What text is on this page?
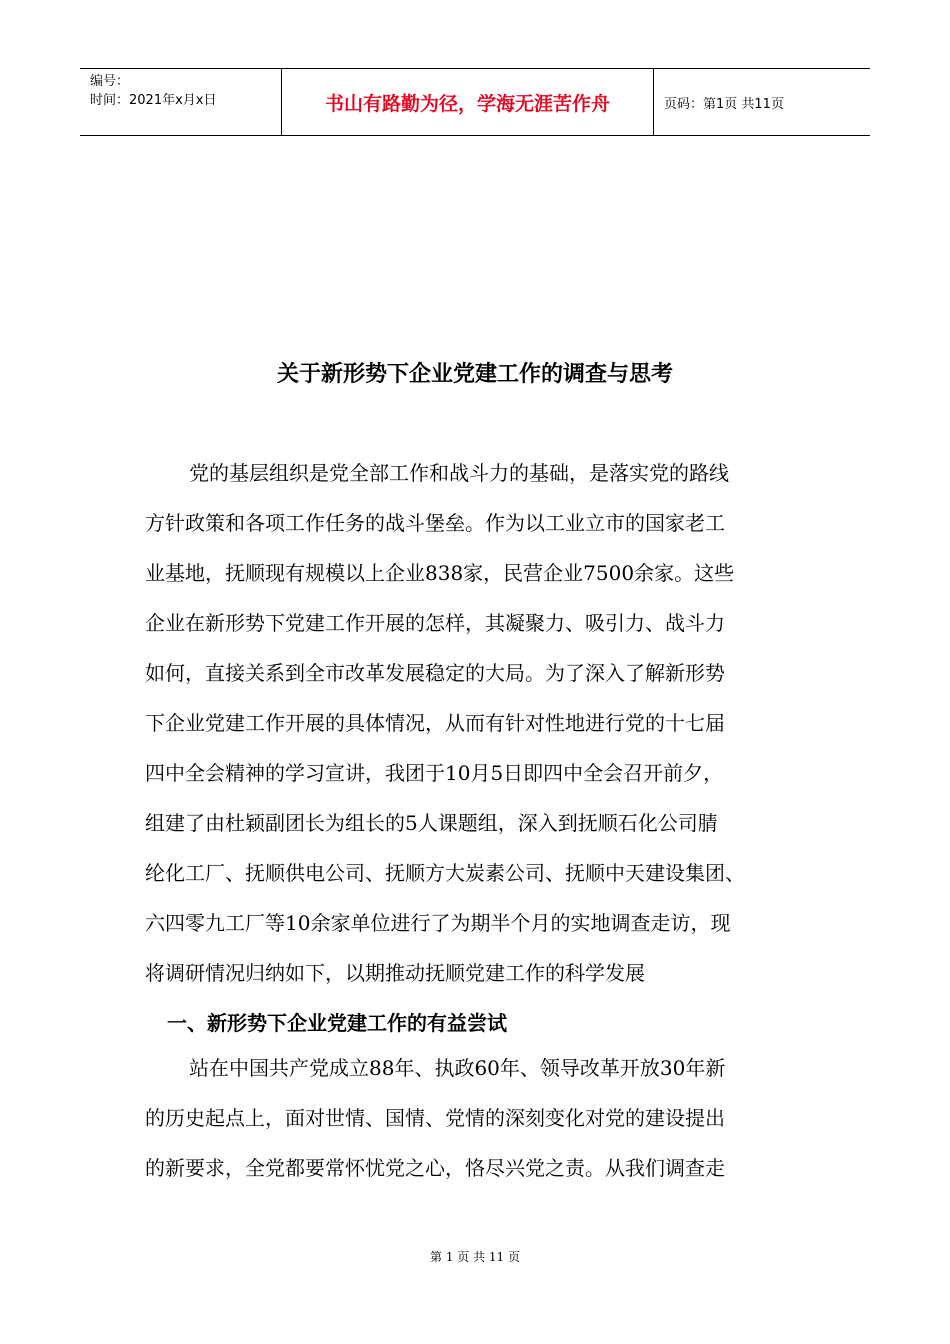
编号：
时间：2021年x月x日	书山有路勤为径，学海无涯苦作舟	页码：第1页 共11页
关于新形势下企业党建工作的调查与思考
党的基层组织是党全部工作和战斗力的基础，是落实党的路线
方针政策和各项工作任务的战斗堡垒。作为以工业立市的国家老工
业基地，抚顺现有规模以上企业838家，民营企业7500余家。这些
企业在新形势下党建工作开展的怎样，其凝聚力、吸引力、战斗力
如何，直接关系到全市改革发展稳定的大局。为了深入了解新形势
下企业党建工作开展的具体情况，从而有针对性地进行党的十七届
四中全会精神的学习宣讲，我团于10月5日即四中全会召开前夕，
组建了由杜颖副团长为组长的5人课题组，深入到抚顺石化公司腈
纶化工厂、抚顺供电公司、抚顺方大炭素公司、抚顺中天建设集团、
六四零九工厂等10余家单位进行了为期半个月的实地调查走访，现
将调研情况归纳如下，以期推动抚顺党建工作的科学发展
一、新形势下企业党建工作的有益尝试
站在中国共产党成立88年、执政60年、领导改革开放30年新
的历史起点上，面对世情、国情、党情的深刻变化对党的建设提出
的新要求，全党都要常怀忧党之心，恪尽兴党之责。从我们调查走
第 1 页 共 11 页
